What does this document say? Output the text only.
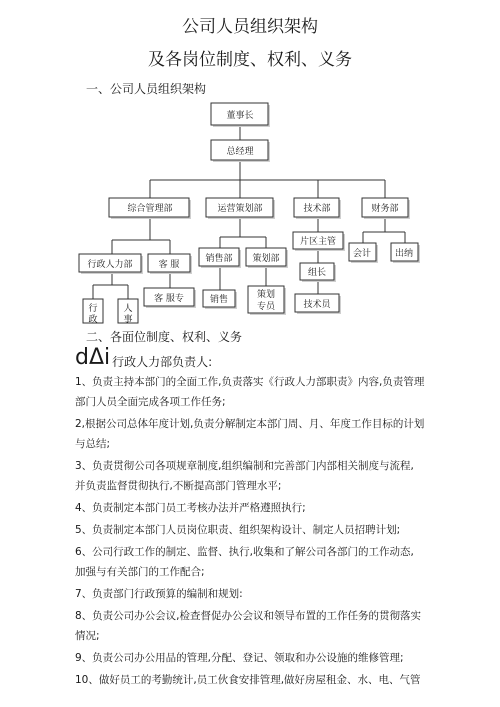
公司人员组织架构
及各岗位制度、权利、义务
一、公司人员组织架构
董事长
总经理
综合管理部	运营策划部	技术部	财务部
行政人力部	客 服
销售部 策划部
片区主管
会计	出纳
客 服专	销售	策划
专员
组长
技术员
行
政
人
事
二、各面位制度、权利、义务
dΔi 行政人力部负责人:
1、负责主持本部门的全面工作,负责落实《行政人力部职责》内容,负责管理
部门人员全面完成各项工作任务;
2,根据公司总体年度计划,负责分解制定本部门周、月、年度工作目标的计划
与总结;
3、负责贯彻公司各项规章制度,组织编制和完善部门内部相关制度与流程,
并负责监督贯彻执行,不断提高部门管理水平;
4、负责制定本部门员工考核办法并严格遵照执行;
5、负责制定本部门人员岗位职责、组织架构设计、制定人员招聘计划;
6、公司行政工作的制定、监督、执行,收集和了解公司各部门的工作动态,
加强与有关部门的工作配合;
7、负责部门行政预算的编制和规划:
8、负责公司办公会议,检查督促办公会议和领导布置的工作任务的贯彻落实
情况;
9、负责公司办公用品的管理,分配、登记、领取和办公设施的维修管理;
10、做好员工的考勤统计,员工伙食安排管理,做好房屋租金、水、电、气管
